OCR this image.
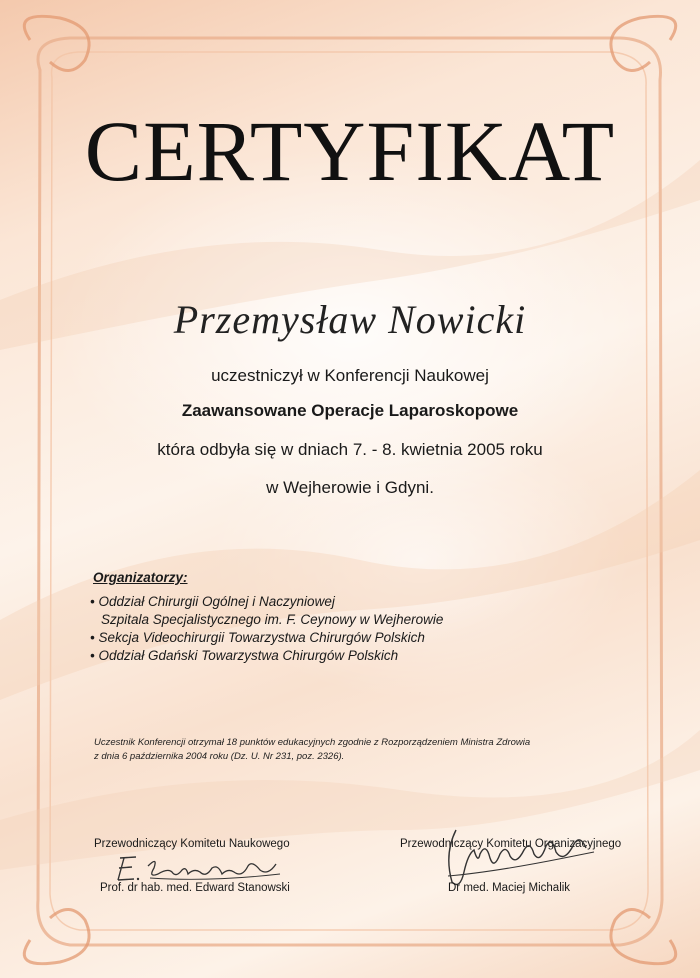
CERTYFIKAT
Przemysław Nowicki
uczestniczył w Konferencji Naukowej
Zaawansowane Operacje Laparoskopowe
która odbyła się w dniach 7. - 8. kwietnia 2005 roku
w Wejherowie i Gdyni.
Organizatorzy:
• Oddział Chirurgii Ogólnej i Naczyniowej
Szpitala Specjalistycznego im. F. Ceynowy w Wejherowie
• Sekcja Videochirurgii Towarzystwa Chirurgów Polskich
• Oddział Gdański Towarzystwa Chirurgów Polskich
Uczestnik Konferencji otrzymał 18 punktów edukacyjnych zgodnie z Rozporządzeniem Ministra Zdrowia
z dnia 6 października 2004 roku (Dz. U. Nr 231, poz. 2326).
Przewodniczący Komitetu Naukowego
Prof. dr hab. med. Edward Stanowski
Przewodniczący Komitetu Organizacyjnego
Dr med. Maciej Michalik
